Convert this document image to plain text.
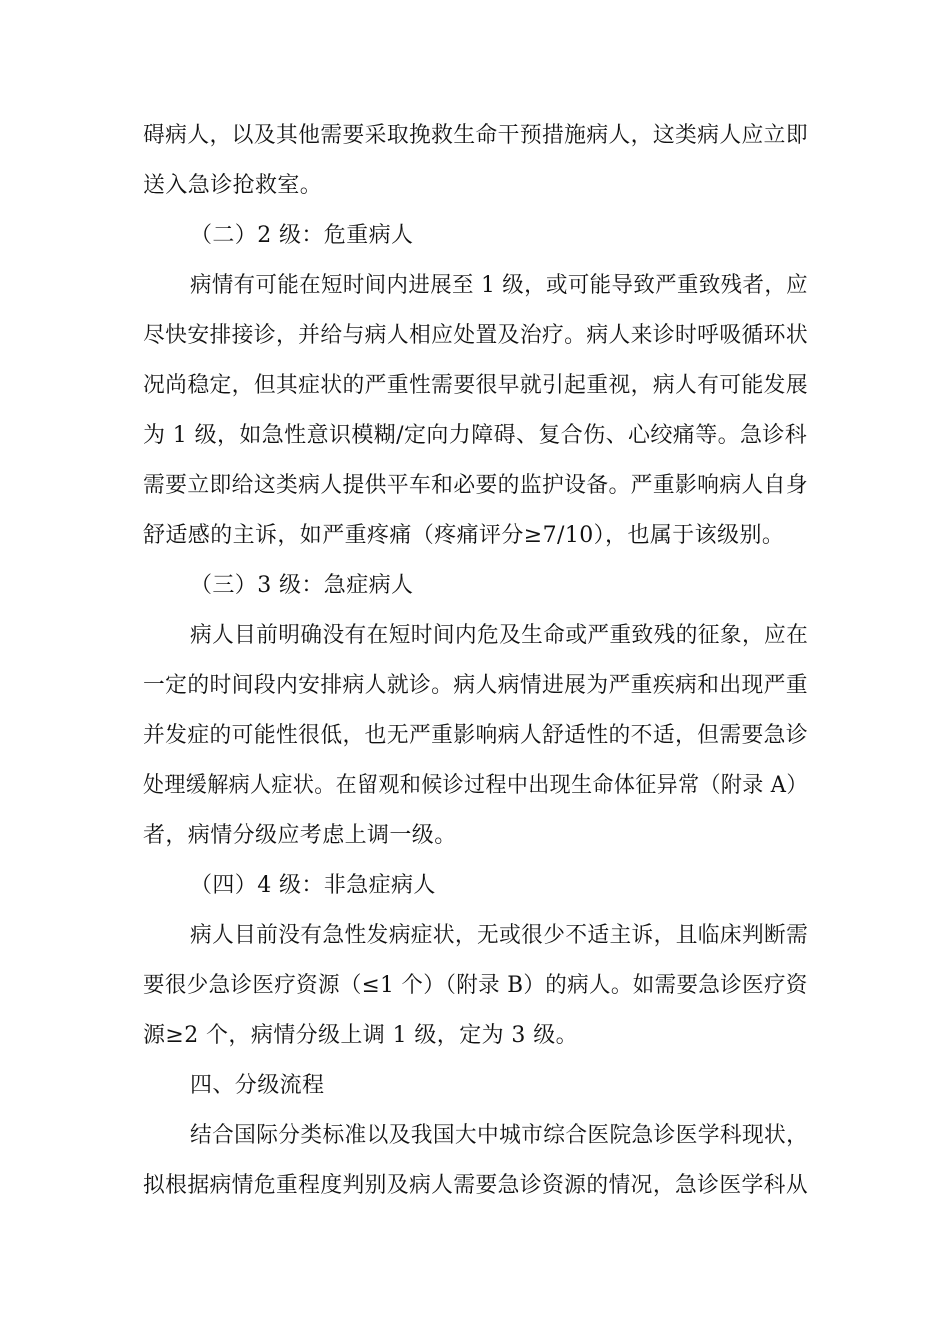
碍病人，以及其他需要采取挽救生命干预措施病人，这类病人应立即
送入急诊抢救室。
（二）2 级：危重病人
病情有可能在短时间内进展至 1 级，或可能导致严重致残者，应
尽快安排接诊，并给与病人相应处置及治疗。病人来诊时呼吸循环状
况尚稳定，但其症状的严重性需要很早就引起重视，病人有可能发展
为 1 级，如急性意识模糊/定向力障碍、复合伤、心绞痛等。急诊科
需要立即给这类病人提供平车和必要的监护设备。严重影响病人自身
舒适感的主诉，如严重疼痛（疼痛评分≥7/10），也属于该级别。
（三）3 级：急症病人
病人目前明确没有在短时间内危及生命或严重致残的征象，应在
一定的时间段内安排病人就诊。病人病情进展为严重疾病和出现严重
并发症的可能性很低，也无严重影响病人舒适性的不适，但需要急诊
处理缓解病人症状。在留观和候诊过程中出现生命体征异常（附录 A）
者，病情分级应考虑上调一级。
（四）4 级：非急症病人
病人目前没有急性发病症状，无或很少不适主诉，且临床判断需
要很少急诊医疗资源（≤1 个）（附录 B）的病人。如需要急诊医疗资
源≥2 个，病情分级上调 1 级，定为 3 级。
四、分级流程
结合国际分类标准以及我国大中城市综合医院急诊医学科现状，
拟根据病情危重程度判别及病人需要急诊资源的情况，急诊医学科从
